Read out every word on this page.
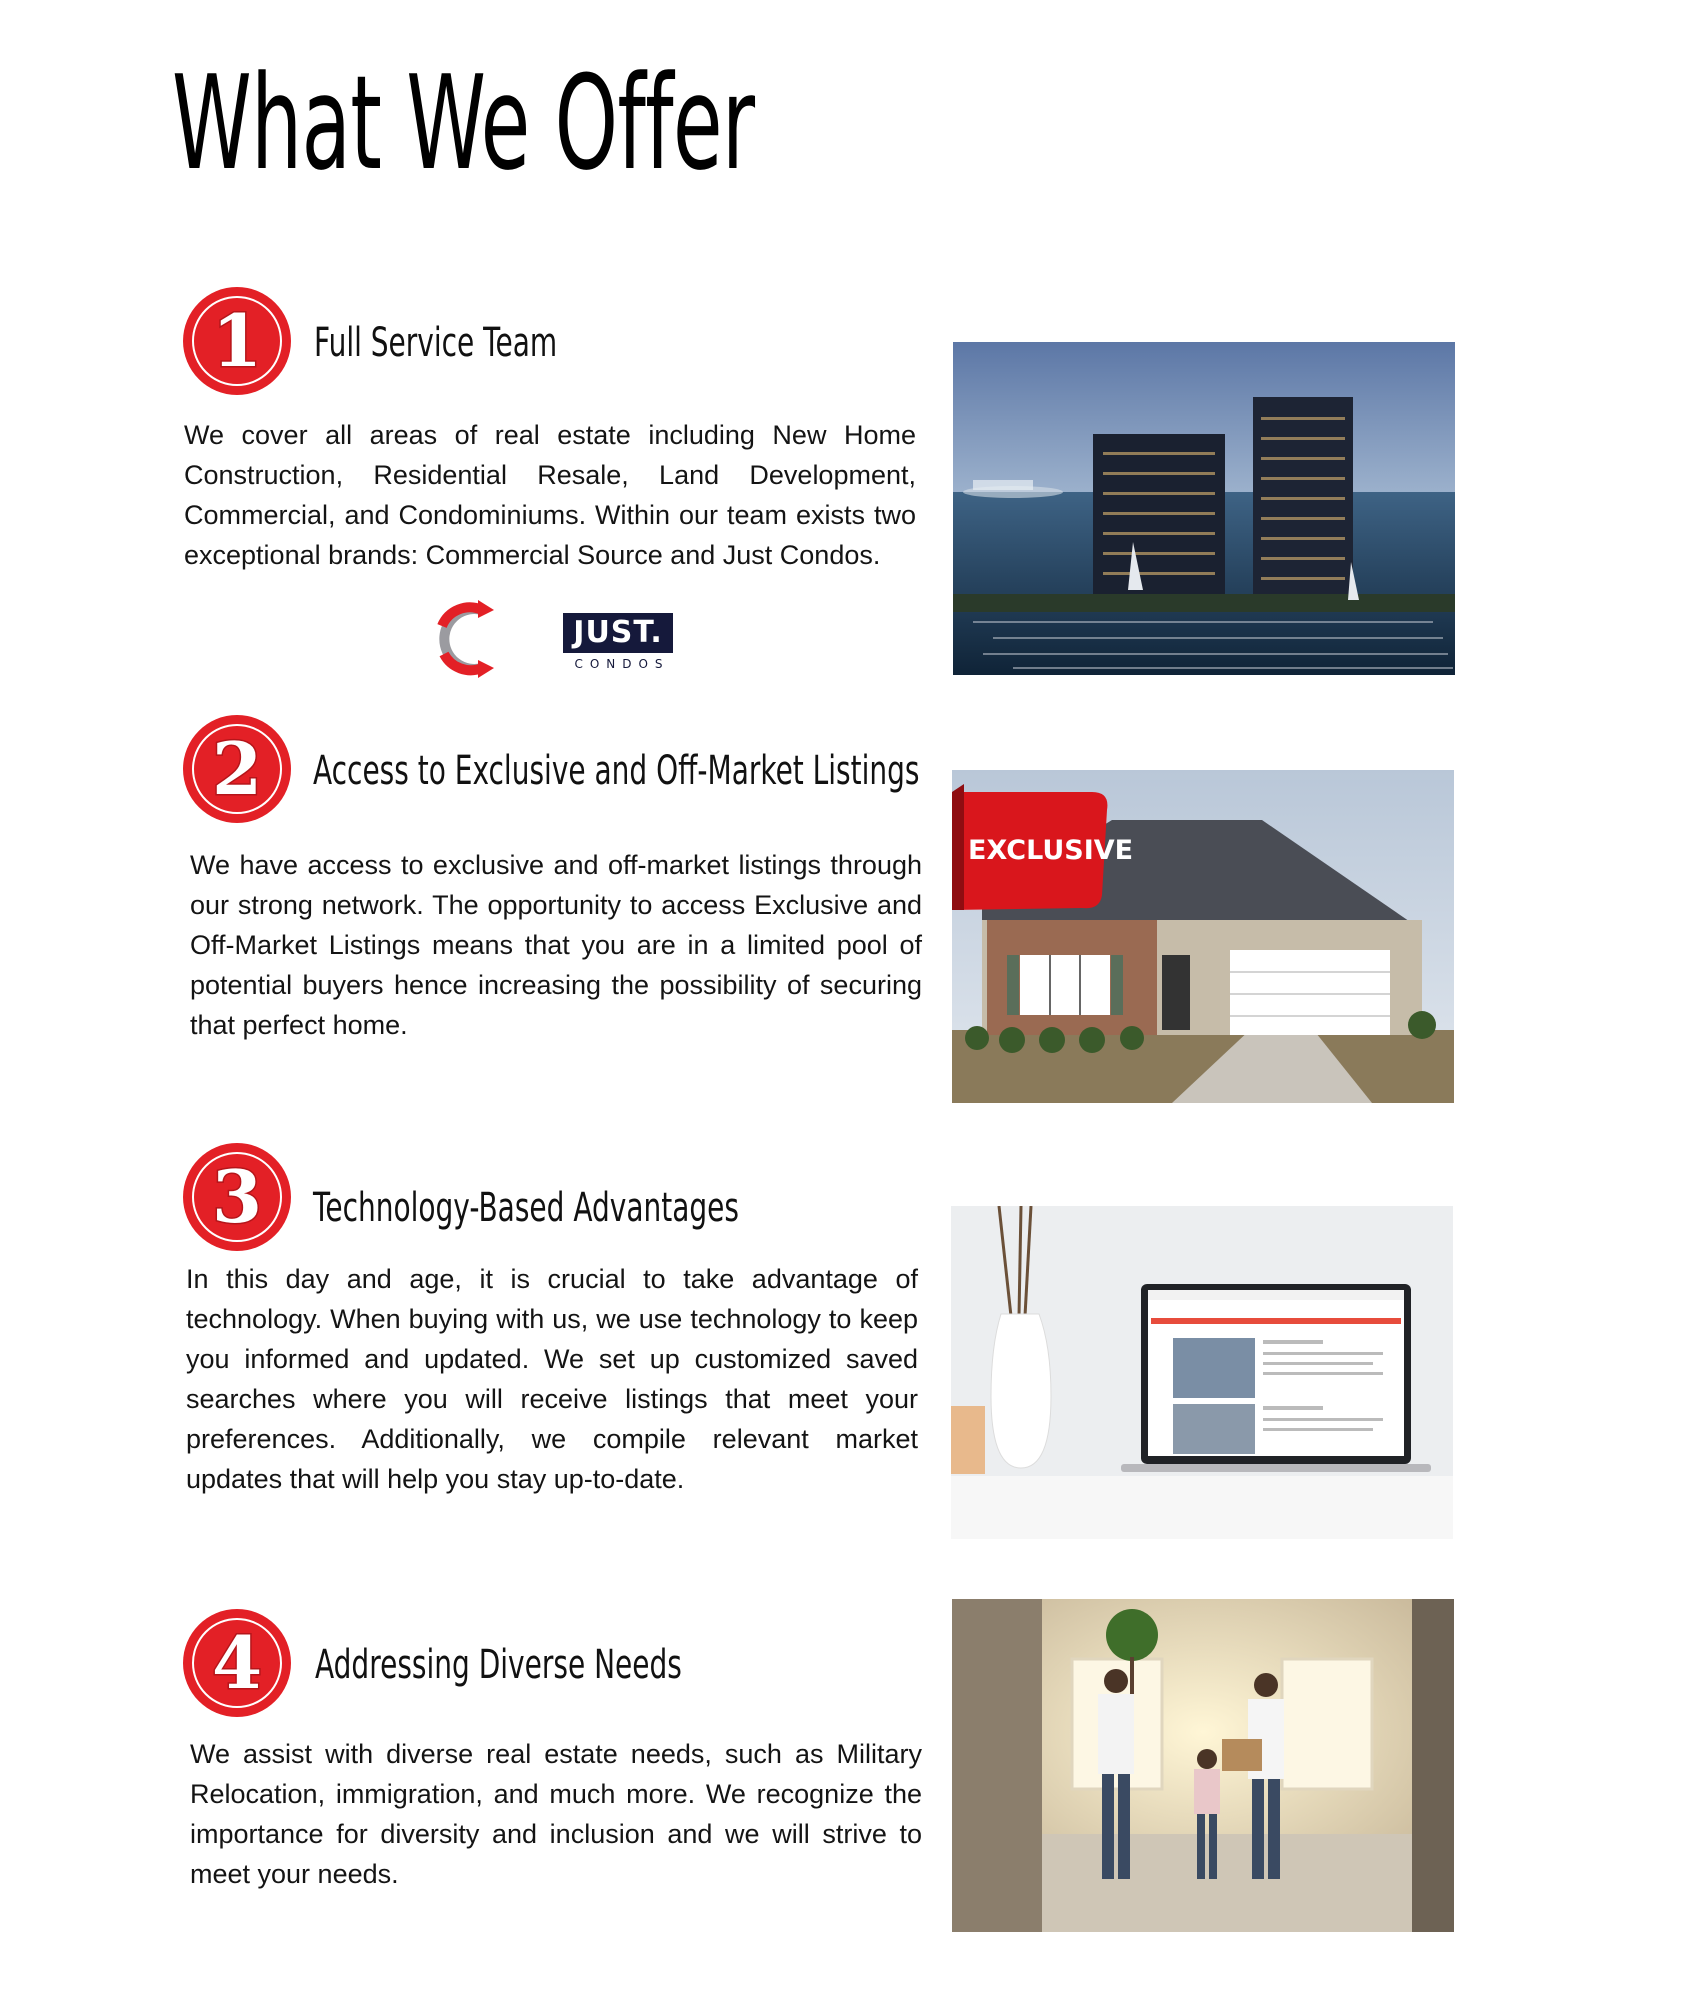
What We Offer
1 Full Service Team

We cover all areas of real estate including New Home Construction, Residential Resale, Land Development, Commercial, and Condominiums. Within our team exists two exceptional brands: Commercial Source and Just Condos.

JUST.
CONDOS
2 Access to Exclusive and Off-Market Listings

We have access to exclusive and off-market listings through our strong network. The opportunity to access Exclusive and Off-Market Listings means that you are in a limited pool of potential buyers hence increasing the possibility of securing that perfect home.

EXCLUSIVE
3 Technology-Based Advantages

In this day and age, it is crucial to take advantage of technology. When buying with us, we use technology to keep you informed and updated. We set up customized saved searches where you will receive listings that meet your preferences. Additionally, we compile relevant market updates that will help you stay up-to-date.

4 Addressing Diverse Needs

We assist with diverse real estate needs, such as Military Relocation, immigration, and much more. We recognize the importance for diversity and inclusion and we will strive to meet your needs.
